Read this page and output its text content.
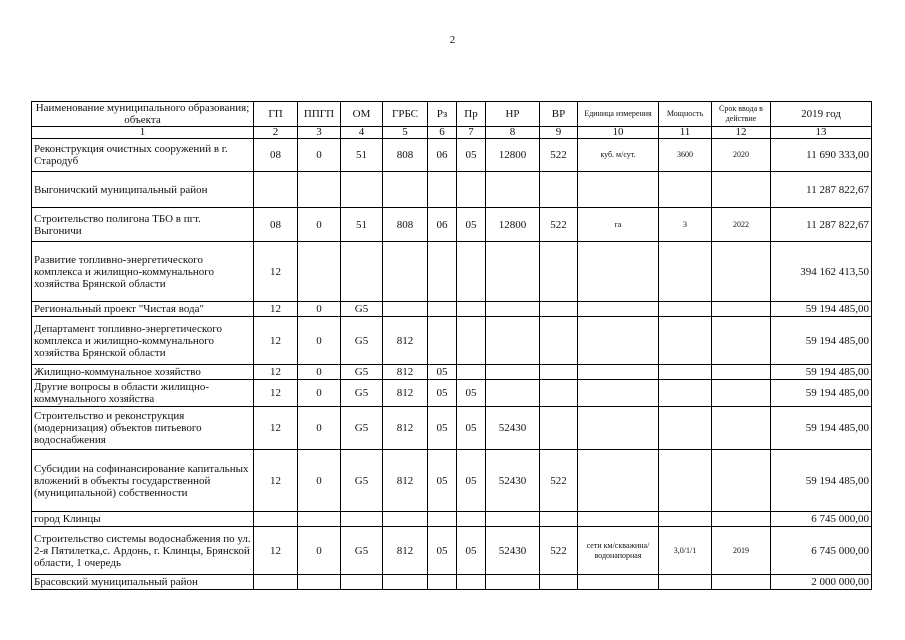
2
Наименование муниципального образования; объекта	ГП	ППГП	ОМ	ГРБС	Рз	Пр	НР	ВР	Единица измерения	Мощность	Срок ввода в действие	2019 год
1	2	3	4	5	6	7	8	9	10	11	12	13
Реконструкция очистных сооружений в г. Стародуб	08	0	51	808	06	05	12800	522	куб. м/сут.	3600	2020	11 690 333,00
Выгоничский муниципальный район												11 287 822,67
Строительство полигона ТБО в пгт. Выгоничи	08	0	51	808	06	05	12800	522	га	3	2022	11 287 822,67
Развитие топливно-энергетического комплекса и жилищно-коммунального хозяйства Брянской области	12											394 162 413,50
Региональный проект "Чистая вода"	12	0	G5									59 194 485,00
Департамент топливно-энергетического комплекса и жилищно-коммунального хозяйства Брянской области	12	0	G5	812								59 194 485,00
Жилищно-коммунальное хозяйство	12	0	G5	812	05							59 194 485,00
Другие вопросы в области жилищно-коммунального хозяйства	12	0	G5	812	05	05						59 194 485,00
Строительство и реконструкция (модернизация) объектов питьевого водоснабжения	12	0	G5	812	05	05	52430					59 194 485,00
Субсидии на софинансирование капитальных вложений в объекты государственной (муниципальной) собственности	12	0	G5	812	05	05	52430	522				59 194 485,00
город Клинцы												6 745 000,00
Строительство системы водоснабжения по ул. 2-я Пятилетка,с. Ардонь, г. Клинцы, Брянской области, 1 очередь	12	0	G5	812	05	05	52430	522	сети км/скважина/ водонапорная	3,0/1/1	2019	6 745 000,00
Брасовский муниципальный район												2 000 000,00
